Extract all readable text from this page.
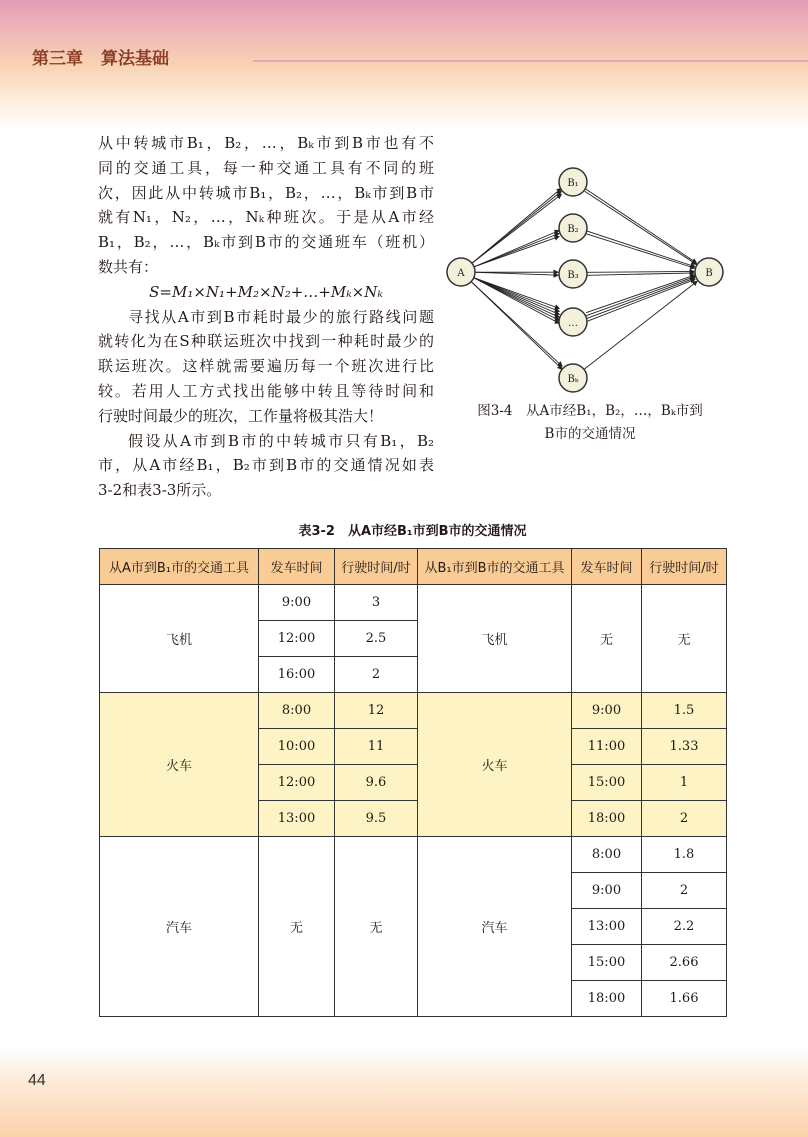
第三章 算法基础
从中转城市B₁，B₂，…，Bₖ市到B市也有不
同的交通工具，每一种交通工具有不同的班
次，因此从中转城市B₁，B₂，…，Bₖ市到B市
就有N₁，N₂，…，Nₖ种班次。于是从A市经
B₁，B₂，…，Bₖ市到B市的交通班车（班机）
数共有：
S=M₁×N₁+M₂×N₂+…+Mₖ×Nₖ
寻找从A市到B市耗时最少的旅行路线问题
就转化为在S种联运班次中找到一种耗时最少的
联运班次。这样就需要遍历每一个班次进行比
较。若用人工方式找出能够中转且等待时间和
行驶时间最少的班次，工作量将极其浩大！
假设从A市到B市的中转城市只有B₁，B₂
市，从A市经B₁，B₂市到B市的交通情况如表
3-2和表3-3所示。
A
B₁
B₂
B₃
…
Bₖ
B
图3-4　从A市经B₁，B₂，…，Bₖ市到
B市的交通情况
表3-2　从A市经B₁市到B市的交通情况
从A市到B₁市的交通工具	发车时间	行驶时间/时	从B₁市到B市的交通工具	发车时间	行驶时间/时
飞机	9:00	3	飞机	无	无
	12:00	2.5			
	16:00	2			
火车	8:00	12	火车	9:00	1.5
	10:00	11		11:00	1.33
	12:00	9.6		15:00	1
	13:00	9.5		18:00	2
汽车	无	无	汽车	8:00	1.8
				9:00	2
				13:00	2.2
				15:00	2.66
				18:00	1.66
44
